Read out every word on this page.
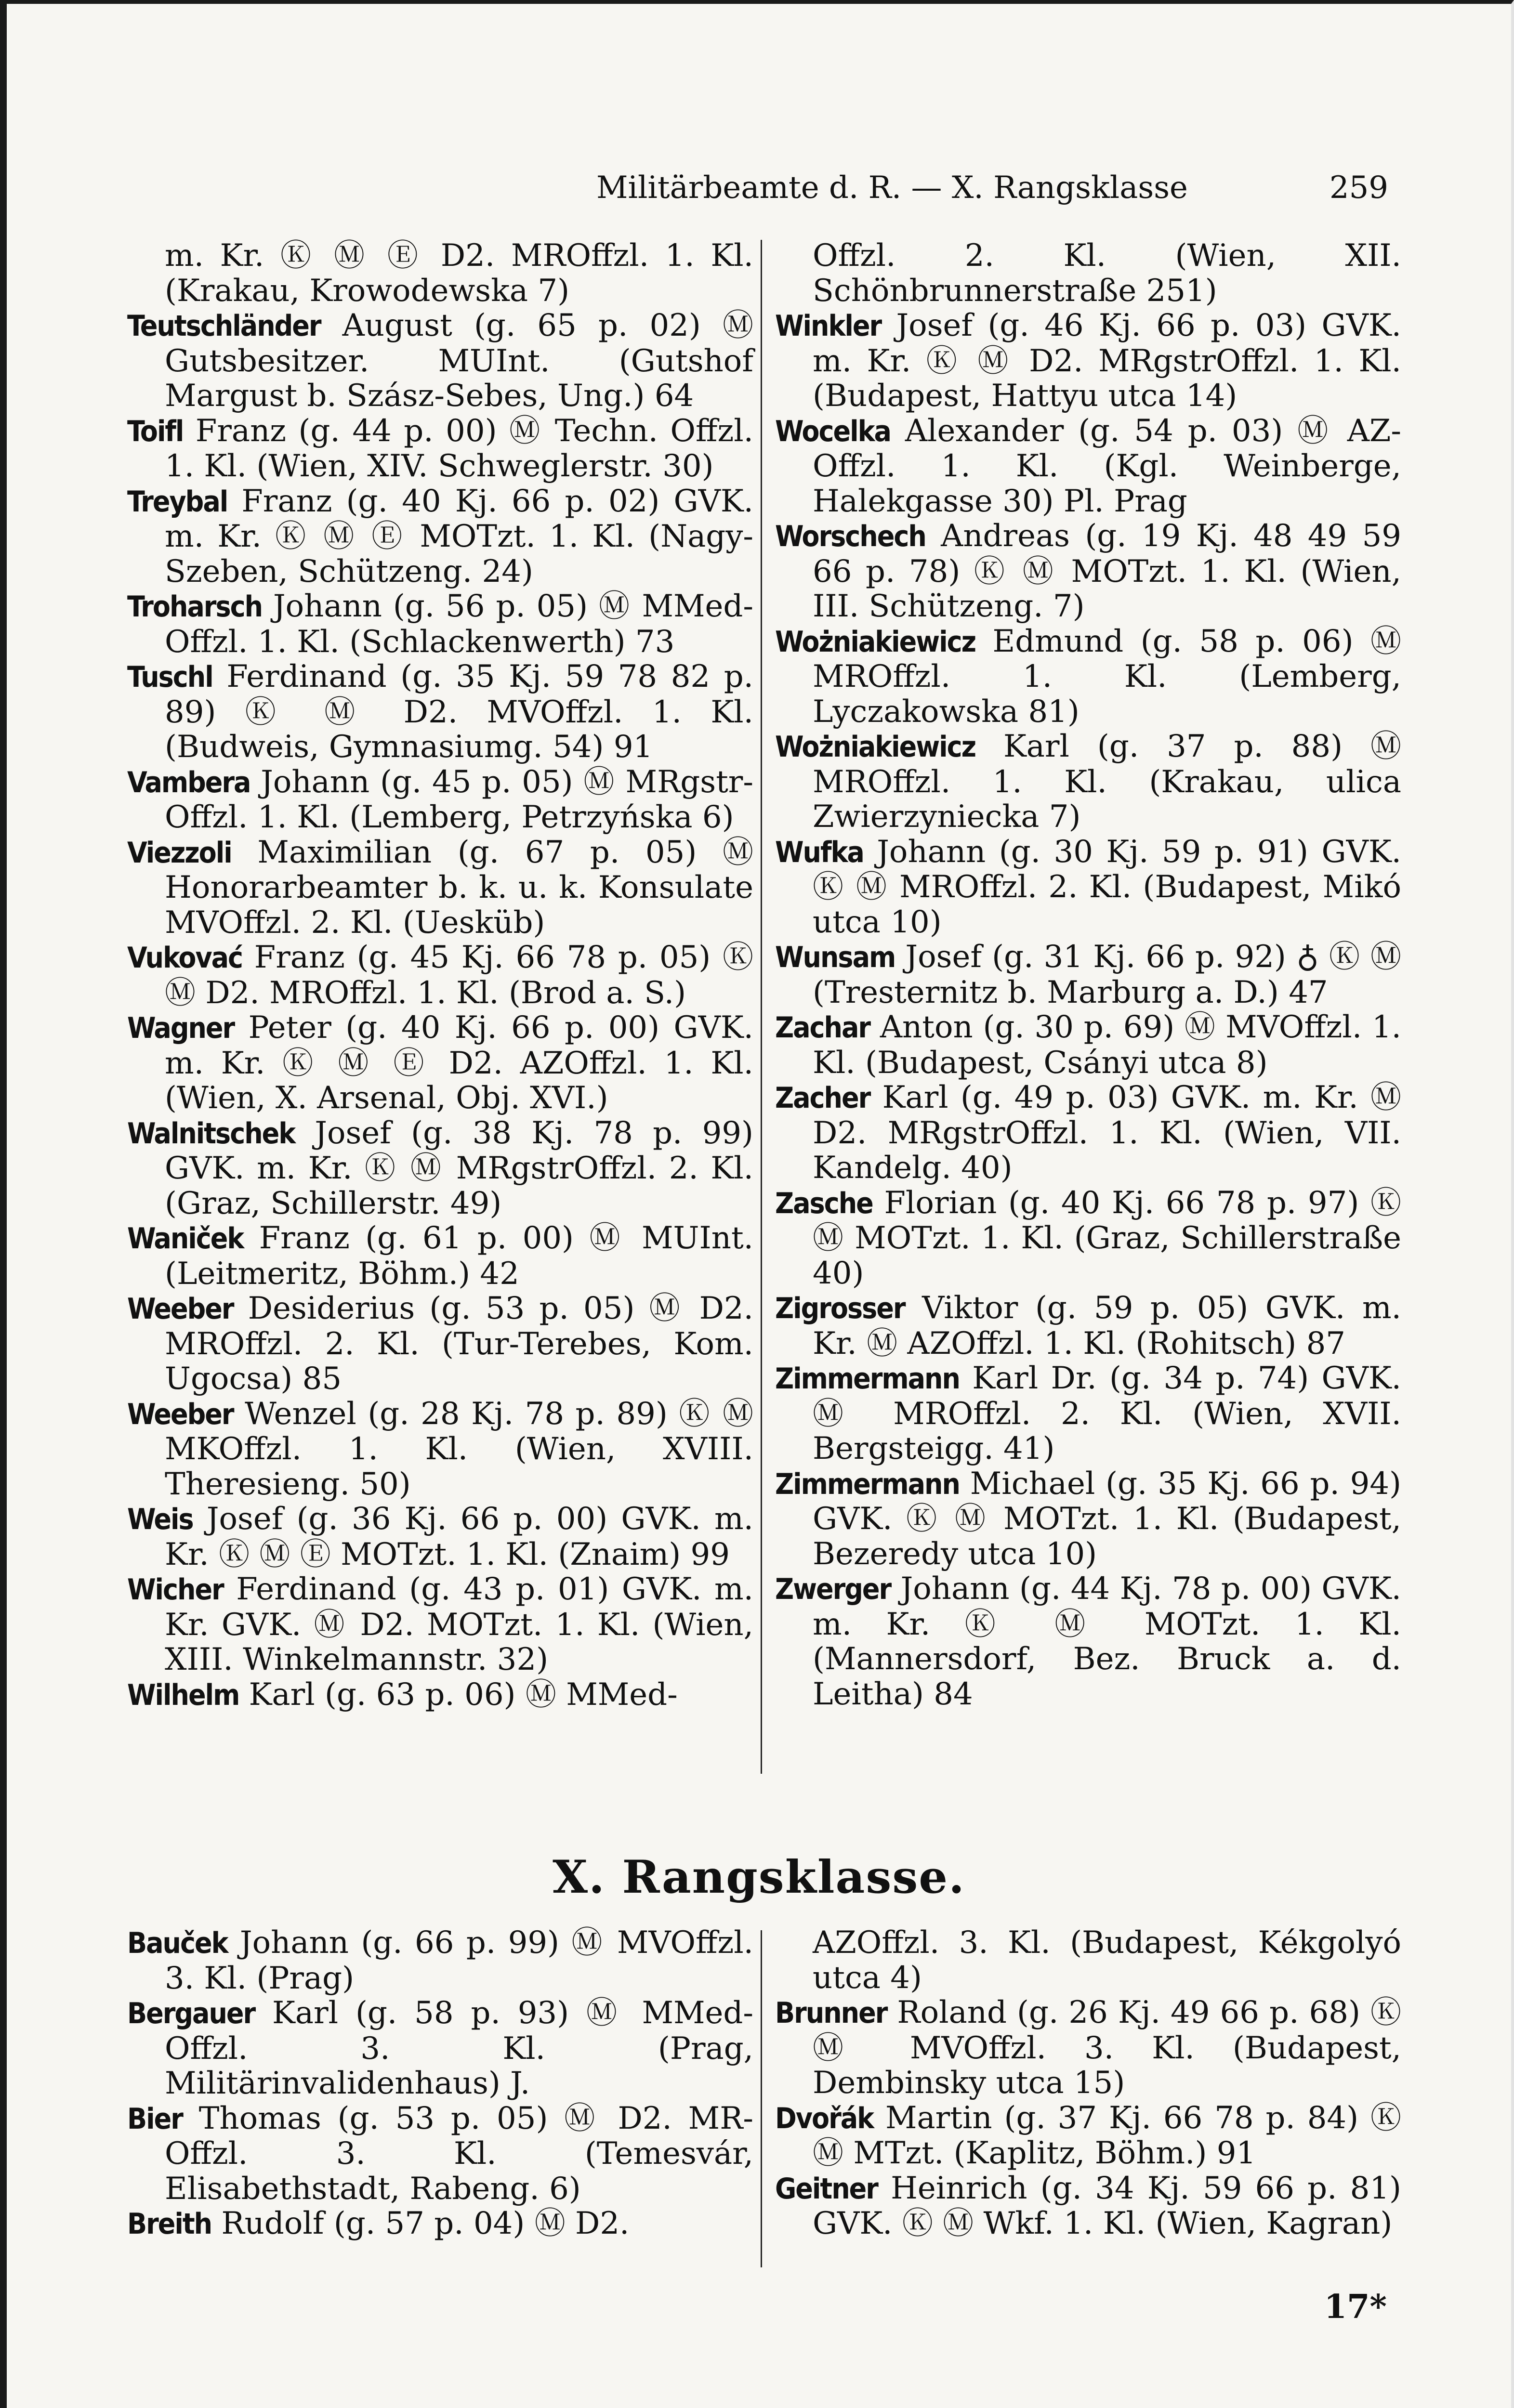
Militärbeamte d. R. — X. Rangsklasse	259

m. Kr. Ⓚ Ⓜ Ⓔ D2. MROffzl. 1. Kl. (Krakau, Krowodewska 7)

Teutschländer August (g. 65 p. 02) Ⓜ Gutsbesitzer. MUInt. (Gutshof Margust b. Szász-Sebes, Ung.) 64

Toifl Franz (g. 44 p. 00) Ⓜ Techn. Offzl. 1. Kl. (Wien, XIV. Schweglerstr. 30)

Treybal Franz (g. 40 Kj. 66 p. 02) GVK. m. Kr. Ⓚ Ⓜ Ⓔ MOTzt. 1. Kl. (Nagy-Szeben, Schützeng. 24)

Troharsch Johann (g. 56 p. 05) Ⓜ MMed-Offzl. 1. Kl. (Schlackenwerth) 73

Tuschl Ferdinand (g. 35 Kj. 59 78 82 p. 89) Ⓚ Ⓜ D2. MVOffzl. 1. Kl. (Budweis, Gymnasiumg. 54) 91

Vambera Johann (g. 45 p. 05) Ⓜ MRgstr-Offzl. 1. Kl. (Lemberg, Petrzyńska 6)

Viezzoli Maximilian (g. 67 p. 05) Ⓜ Honorarbeamter b. k. u. k. Konsulate MVOffzl. 2. Kl. (Uesküb)

Vukovać Franz (g. 45 Kj. 66 78 p. 05) Ⓚ Ⓜ D2. MROffzl. 1. Kl. (Brod a. S.)

Wagner Peter (g. 40 Kj. 66 p. 00) GVK. m. Kr. Ⓚ Ⓜ Ⓔ D2. AZOffzl. 1. Kl. (Wien, X. Arsenal, Obj. XVI.)

Walnitschek Josef (g. 38 Kj. 78 p. 99) GVK. m. Kr. Ⓚ Ⓜ MRgstrOffzl. 2. Kl. (Graz, Schillerstr. 49)

Waniček Franz (g. 61 p. 00) Ⓜ MUInt. (Leitmeritz, Böhm.) 42

Weeber Desiderius (g. 53 p. 05) Ⓜ D2. MROffzl. 2. Kl. (Tur-Terebes, Kom. Ugocsa) 85

Weeber Wenzel (g. 28 Kj. 78 p. 89) Ⓚ Ⓜ MKOffzl. 1. Kl. (Wien, XVIII. Theresieng. 50)

Weis Josef (g. 36 Kj. 66 p. 00) GVK. m. Kr. Ⓚ Ⓜ Ⓔ MOTzt. 1. Kl. (Znaim) 99

Wicher Ferdinand (g. 43 p. 01) GVK. m. Kr. GVK. Ⓜ D2. MOTzt. 1. Kl. (Wien, XIII. Winkelmannstr. 32)

Wilhelm Karl (g. 63 p. 06) Ⓜ MMed-

Offzl. 2. Kl. (Wien, XII. Schönbrunnerstraße 251)

Winkler Josef (g. 46 Kj. 66 p. 03) GVK. m. Kr. Ⓚ Ⓜ D2. MRgstrOffzl. 1. Kl. (Budapest, Hattyu utca 14)

Wocelka Alexander (g. 54 p. 03) Ⓜ AZ-Offzl. 1. Kl. (Kgl. Weinberge, Halekgasse 30) Pl. Prag

Worschech Andreas (g. 19 Kj. 48 49 59 66 p. 78) Ⓚ Ⓜ MOTzt. 1. Kl. (Wien, III. Schützeng. 7)

Wożniakiewicz Edmund (g. 58 p. 06) Ⓜ MROffzl. 1. Kl. (Lemberg, Lyczakowska 81)

Wożniakiewicz Karl (g. 37 p. 88) Ⓜ MROffzl. 1. Kl. (Krakau, ulica Zwierzyniecka 7)

Wufka Johann (g. 30 Kj. 59 p. 91) GVK. Ⓚ Ⓜ MROffzl. 2. Kl. (Budapest, Mikó utca 10)

Wunsam Josef (g. 31 Kj. 66 p. 92) ♁ Ⓚ Ⓜ (Tresternitz b. Marburg a. D.) 47

Zachar Anton (g. 30 p. 69) Ⓜ MVOffzl. 1. Kl. (Budapest, Csányi utca 8)

Zacher Karl (g. 49 p. 03) GVK. m. Kr. Ⓜ D2. MRgstrOffzl. 1. Kl. (Wien, VII. Kandelg. 40)

Zasche Florian (g. 40 Kj. 66 78 p. 97) Ⓚ Ⓜ MOTzt. 1. Kl. (Graz, Schillerstraße 40)

Zigrosser Viktor (g. 59 p. 05) GVK. m. Kr. Ⓜ AZOffzl. 1. Kl. (Rohitsch) 87

Zimmermann Karl Dr. (g. 34 p. 74) GVK. Ⓜ MROffzl. 2. Kl. (Wien, XVII. Bergsteigg. 41)

Zimmermann Michael (g. 35 Kj. 66 p. 94) GVK. Ⓚ Ⓜ MOTzt. 1. Kl. (Budapest, Bezeredy utca 10)

Zwerger Johann (g. 44 Kj. 78 p. 00) GVK. m. Kr. Ⓚ Ⓜ MOTzt. 1. Kl. (Mannersdorf, Bez. Bruck a. d. Leitha) 84

X. Rangsklasse.

Bauček Johann (g. 66 p. 99) Ⓜ MVOffzl. 3. Kl. (Prag)

Bergauer Karl (g. 58 p. 93) Ⓜ MMed-Offzl. 3. Kl. (Prag, Militärinvalidenhaus) J.

Bier Thomas (g. 53 p. 05) Ⓜ D2. MR-Offzl. 3. Kl. (Temesvár, Elisabethstadt, Rabeng. 6)

Breith Rudolf (g. 57 p. 04) Ⓜ D2.

AZOffzl. 3. Kl. (Budapest, Kékgolyó utca 4)

Brunner Roland (g. 26 Kj. 49 66 p. 68) Ⓚ Ⓜ MVOffzl. 3. Kl. (Budapest, Dembinsky utca 15)

Dvořák Martin (g. 37 Kj. 66 78 p. 84) Ⓚ Ⓜ MTzt. (Kaplitz, Böhm.) 91

Geitner Heinrich (g. 34 Kj. 59 66 p. 81) GVK. Ⓚ Ⓜ Wkf. 1. Kl. (Wien, Kagran)

17*
